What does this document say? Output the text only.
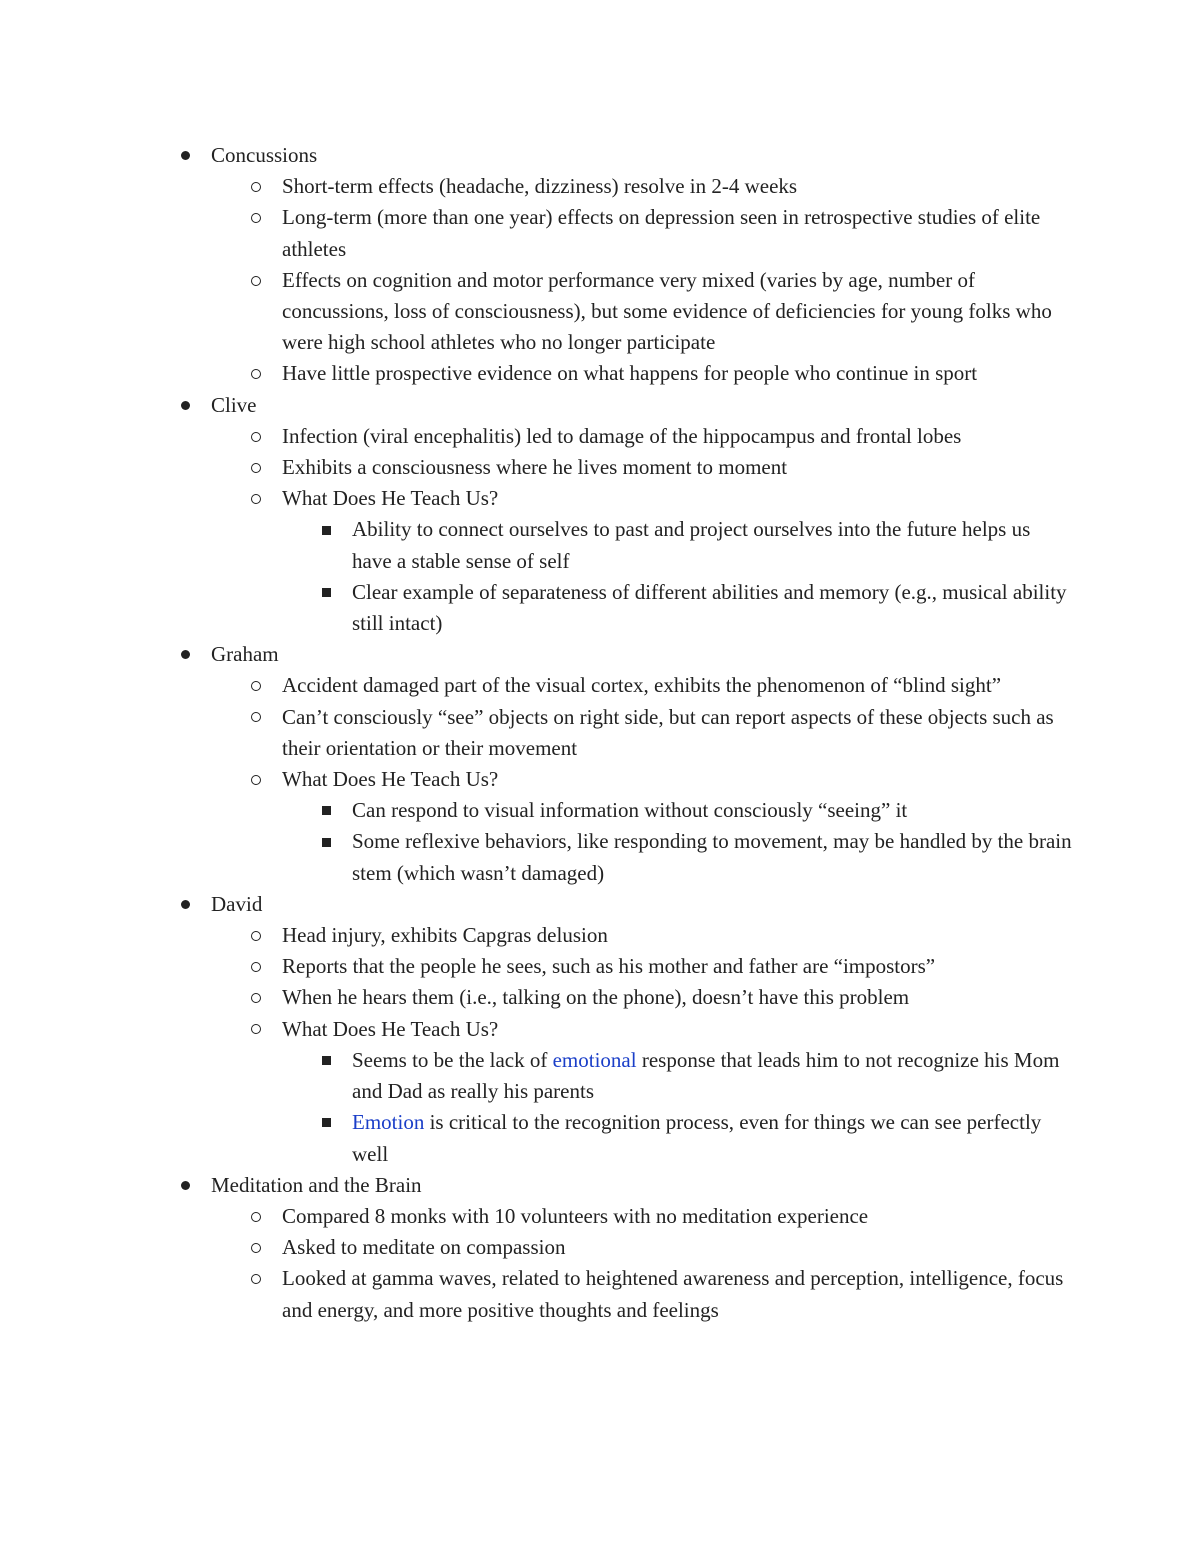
Concussions
Short-term effects (headache, dizziness) resolve in 2-4 weeks
Long-term (more than one year) effects on depression seen in retrospective studies of elite athletes
Effects on cognition and motor performance very mixed (varies by age, number of concussions, loss of consciousness), but some evidence of deficiencies for young folks who were high school athletes who no longer participate
Have little prospective evidence on what happens for people who continue in sport
Clive
Infection (viral encephalitis) led to damage of the hippocampus and frontal lobes
Exhibits a consciousness where he lives moment to moment
What Does He Teach Us?
Ability to connect ourselves to past and project ourselves into the future helps us have a stable sense of self
Clear example of separateness of different abilities and memory (e.g., musical ability still intact)
Graham
Accident damaged part of the visual cortex, exhibits the phenomenon of “blind sight”
Can’t consciously “see” objects on right side, but can report aspects of these objects such as their orientation or their movement
What Does He Teach Us?
Can respond to visual information without consciously “seeing” it
Some reflexive behaviors, like responding to movement, may be handled by the brain stem (which wasn’t damaged)
David
Head injury, exhibits Capgras delusion
Reports that the people he sees, such as his mother and father are “impostors”
When he hears them (i.e., talking on the phone), doesn’t have this problem
What Does He Teach Us?
Seems to be the lack of emotional response that leads him to not recognize his Mom and Dad as really his parents
Emotion is critical to the recognition process, even for things we can see perfectly well
Meditation and the Brain
Compared 8 monks with 10 volunteers with no meditation experience
Asked to meditate on compassion
Looked at gamma waves, related to heightened awareness and perception, intelligence, focus and energy, and more positive thoughts and feelings
